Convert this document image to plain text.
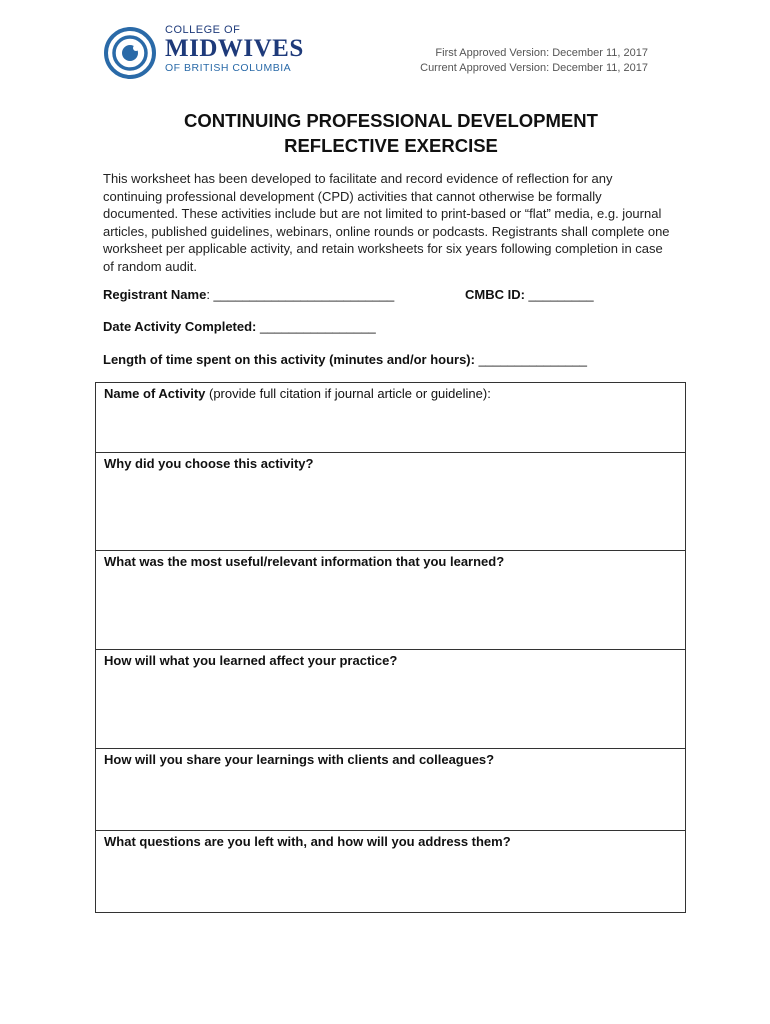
COLLEGE OF
MIDWIVES
OF BRITISH COLUMBIA
First Approved Version: December 11, 2017
Current Approved Version: December 11, 2017
CONTINUING PROFESSIONAL DEVELOPMENT
REFLECTIVE EXERCISE
This worksheet has been developed to facilitate and record evidence of reflection for any continuing professional development (CPD) activities that cannot otherwise be formally documented. These activities include but are not limited to print-based or “flat” media, e.g. journal articles, published guidelines, webinars, online rounds or podcasts. Registrants shall complete one worksheet per applicable activity, and retain worksheets for six years following completion in case of random audit.
Registrant Name: _________________________	CMBC ID: _________
Date Activity Completed: ________________
Length of time spent on this activity (minutes and/or hours): _______________
Name of Activity (provide full citation if journal article or guideline):
Why did you choose this activity?
What was the most useful/relevant information that you learned?
How will what you learned affect your practice?
How will you share your learnings with clients and colleagues?
What questions are you left with, and how will you address them?
